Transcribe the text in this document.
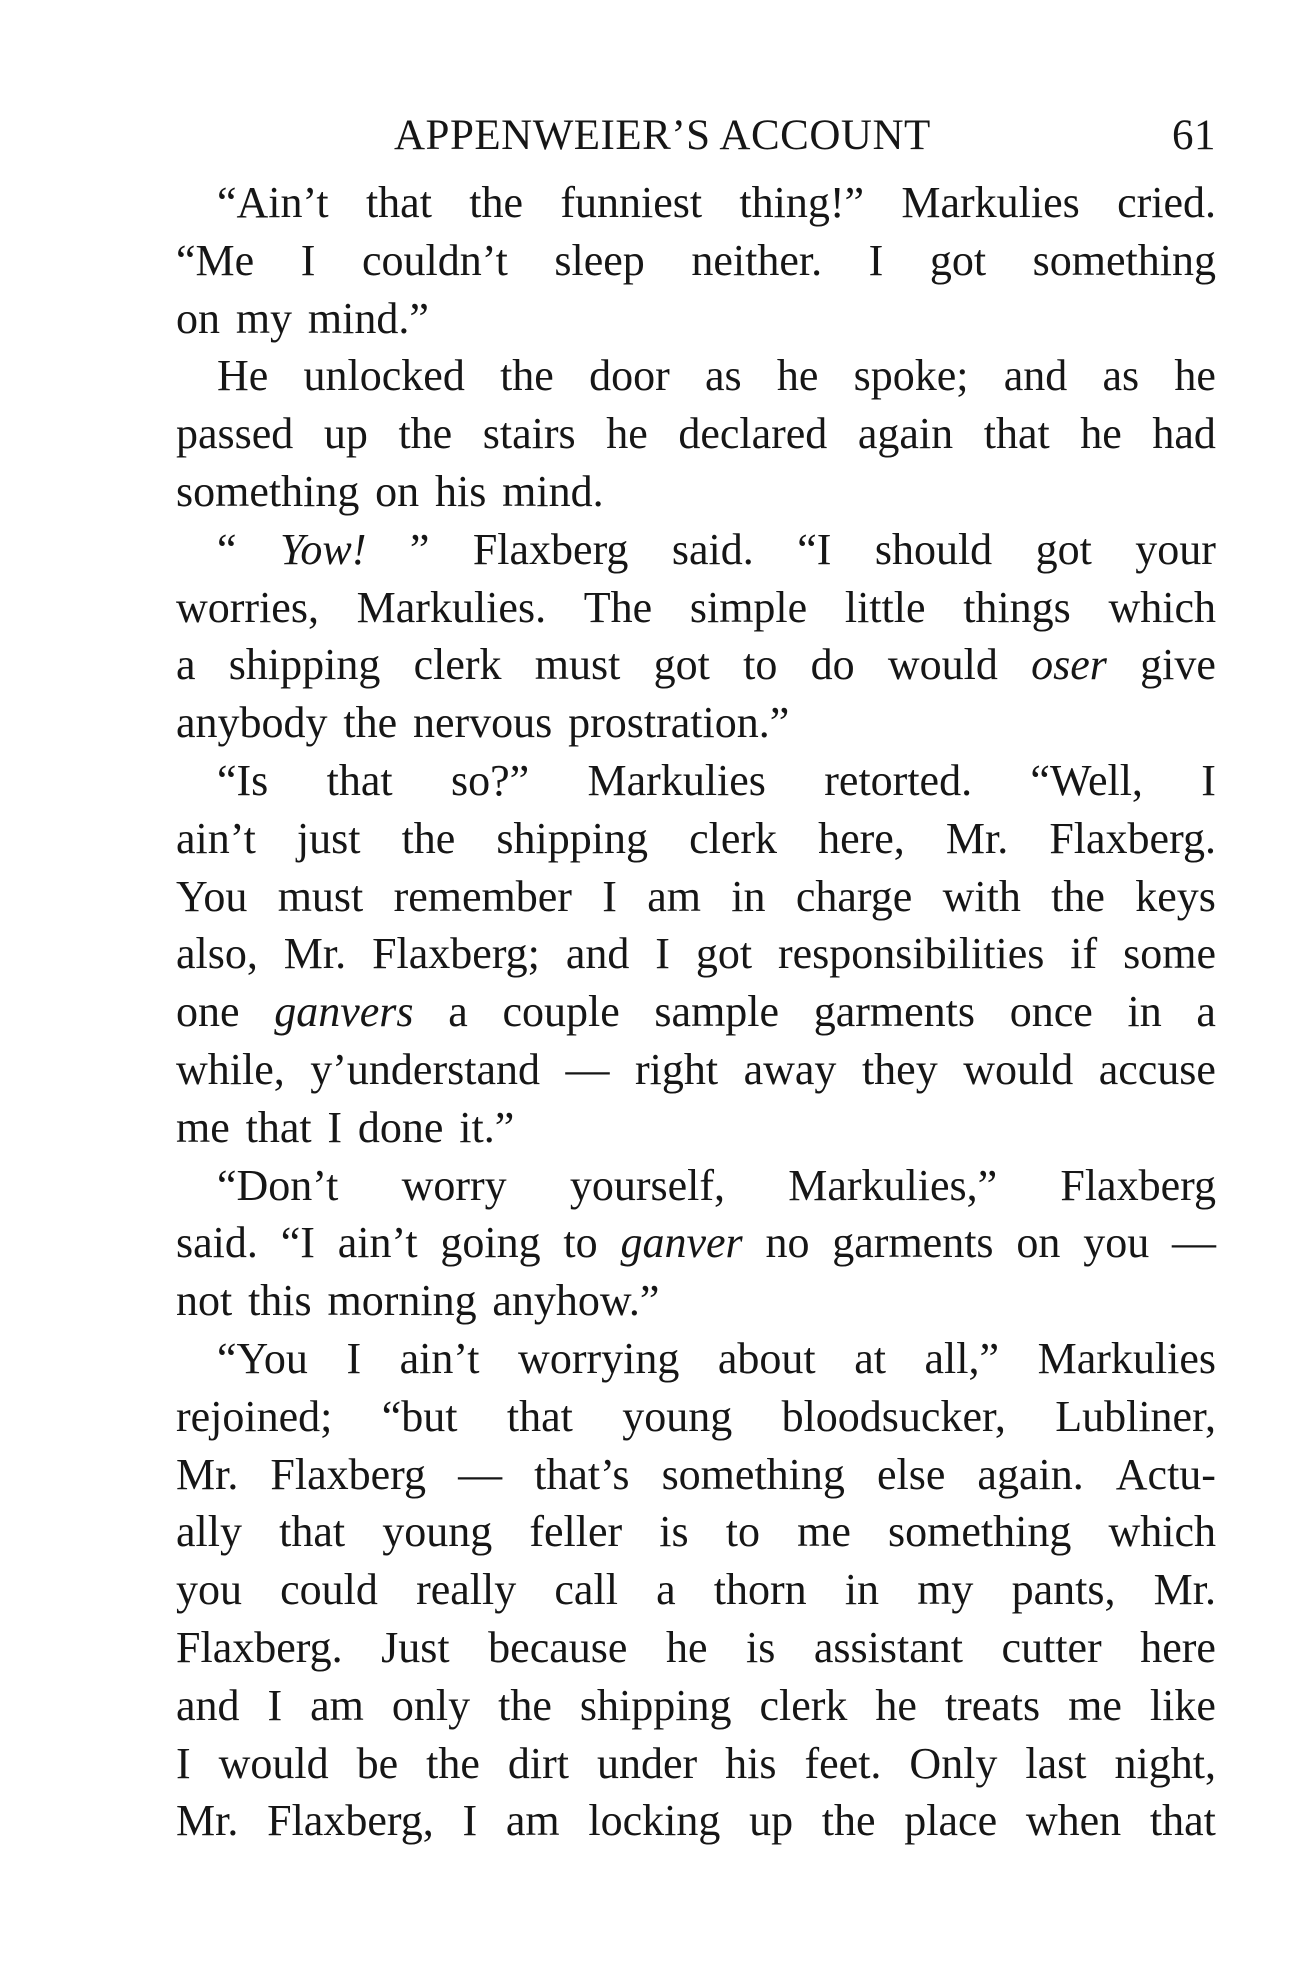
APPENWEIER’S ACCOUNT	61
“Ain’t that the funniest thing!” Markulies cried.
“Me I couldn’t sleep neither. I got something
on my mind.”
He unlocked the door as he spoke; and as he
passed up the stairs he declared again that he had
something on his mind.
“ Yow! ” Flaxberg said. “I should got your
worries, Markulies. The simple little things which
a shipping clerk must got to do would oser give
anybody the nervous prostration.”
“Is that so?” Markulies retorted. “Well, I
ain’t just the shipping clerk here, Mr. Flaxberg.
You must remember I am in charge with the keys
also, Mr. Flaxberg; and I got responsibilities if some
one ganvers a couple sample garments once in a
while, y’understand — right away they would accuse
me that I done it.”
“Don’t worry yourself, Markulies,” Flaxberg
said. “I ain’t going to ganver no garments on you —
not this morning anyhow.”
“You I ain’t worrying about at all,” Markulies
rejoined; “but that young bloodsucker, Lubliner,
Mr. Flaxberg — that’s something else again. Actu-
ally that young feller is to me something which
you could really call a thorn in my pants, Mr.
Flaxberg. Just because he is assistant cutter here
and I am only the shipping clerk he treats me like
I would be the dirt under his feet. Only last night,
Mr. Flaxberg, I am locking up the place when that
